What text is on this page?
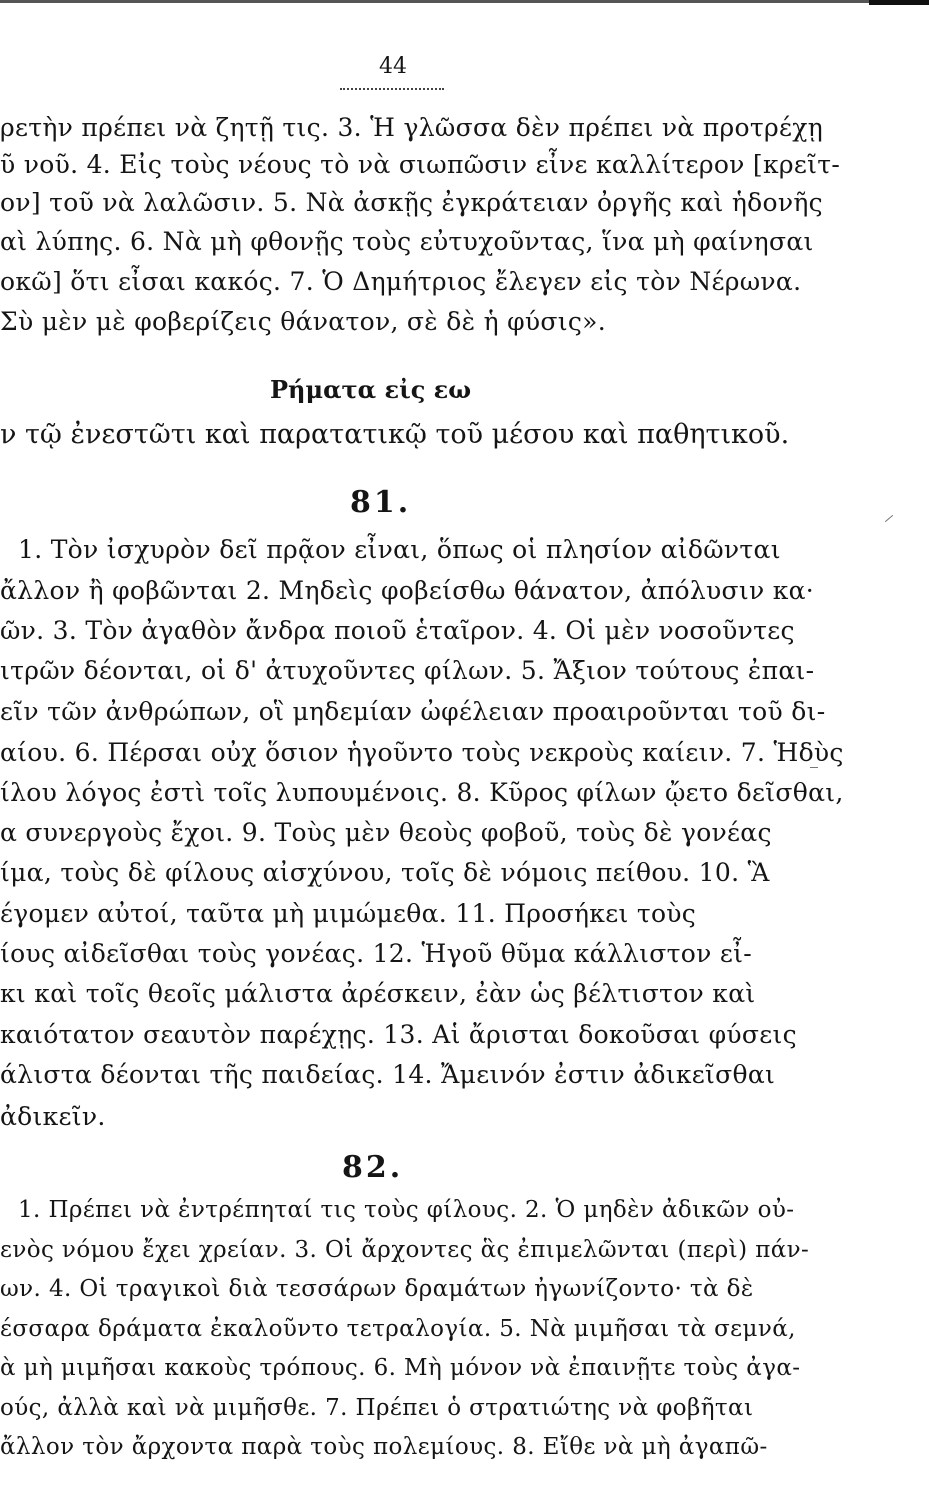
44
ρετὴν πρέπει νὰ ζητῇ τις. 3. Ἡ γλῶσσα δὲν πρέπει νὰ προτρέχῃ
ῦ νοῦ. 4. Εἰς τοὺς νέους τὸ νὰ σιωπῶσιν εἶνε καλλίτερον [κρεῖτ-
ον] τοῦ νὰ λαλῶσιν. 5. Νὰ ἀσκῇς ἐγκράτειαν ὀργῆς καὶ ἡδονῆς
αὶ λύπης. 6. Νὰ μὴ φθονῇς τοὺς εὐτυχοῦντας, ἵνα μὴ φαίνησαι
οκῶ] ὅτι εἶσαι κακός. 7. Ὁ Δημήτριος ἔλεγεν εἰς τὸν Νέρωνα.
Σὺ μὲν μὲ φοβερίζεις θάνατον, σὲ δὲ ἡ φύσις».
Ρήματα εἰς εω
ν τῷ ἐνεστῶτι καὶ παρατατικῷ τοῦ μέσου καὶ παθητικοῦ.
81.
1. Τὸν ἰσχυρὸν δεῖ πρᾷον εἶναι, ὅπως οἱ πλησίον αἰδῶνται
ἄλλον ἢ φοβῶνται 2. Μηδεὶς φοβείσθω θάνατον, ἀπόλυσιν κα·
ῶν. 3. Τὸν ἀγαθὸν ἄνδρα ποιοῦ ἑταῖρον. 4. Οἱ μὲν νοσοῦντες
ιτρῶν δέονται, οἱ δ' ἀτυχοῦντες φίλων. 5. Ἄξιον τούτους ἐπαι-
εῖν τῶν ἀνθρώπων, οἳ μηδεμίαν ὠφέλειαν προαιροῦνται τοῦ δι-
αίου. 6. Πέρσαι οὐχ ὅσιον ἡγοῦντο τοὺς νεκροὺς καίειν. 7. Ἡδὺς
ίλου λόγος ἐστὶ τοῖς λυπουμένοις. 8. Κῦρος φίλων ᾤετο δεῖσθαι,
α συνεργοὺς ἔχοι. 9. Τοὺς μὲν θεοὺς φοβοῦ, τοὺς δὲ γονέας
ίμα, τοὺς δὲ φίλους αἰσχύνου, τοῖς δὲ νόμοις πείθου. 10. Ἃ
έγομεν αὐτοί, ταῦτα μὴ μιμώμεθα. 11. Προσήκει τοὺς
ίους αἰδεῖσθαι τοὺς γονέας. 12. Ἡγοῦ θῦμα κάλλιστον εἶ-
κι καὶ τοῖς θεοῖς μάλιστα ἀρέσκειν, ἐὰν ὡς βέλτιστον καὶ
καιότατον σεαυτὸν παρέχῃς. 13. Αἱ ἄρισται δοκοῦσαι φύσεις
άλιστα δέονται τῆς παιδείας. 14. Ἄμεινόν ἐστιν ἀδικεῖσθαι
ἀδικεῖν.
82.
1. Πρέπει νὰ ἐντρέπηταί τις τοὺς φίλους. 2. Ὁ μηδὲν ἀδικῶν οὐ-
ενὸς νόμου ἔχει χρείαν. 3. Οἱ ἄρχοντες ἃς ἐπιμελῶνται (περὶ) πάν-
ων. 4. Οἱ τραγικοὶ διὰ τεσσάρων δραμάτων ἠγωνίζοντο· τὰ δὲ
έσσαρα δράματα ἐκαλοῦντο τετραλογία. 5. Νὰ μιμῆσαι τὰ σεμνά,
ὰ μὴ μιμῆσαι κακοὺς τρόπους. 6. Μὴ μόνον νὰ ἐπαινῇτε τοὺς ἀγα-
ούς, ἀλλὰ καὶ νὰ μιμῆσθε. 7. Πρέπει ὁ στρατιώτης νὰ φοβῆται
ἄλλον τὸν ἄρχοντα παρὰ τοὺς πολεμίους. 8. Εἴθε νὰ μὴ ἀγαπῶ-
